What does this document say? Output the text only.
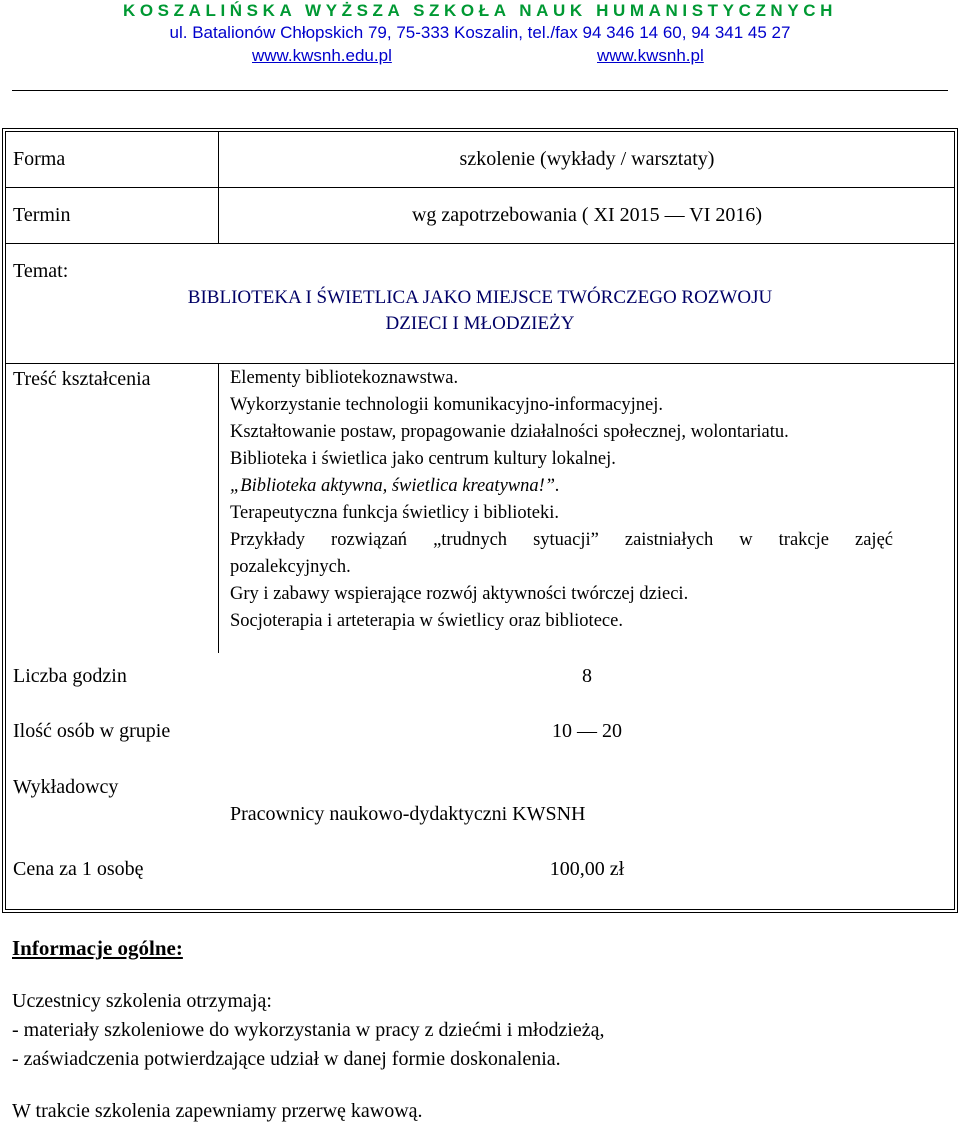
KOSZALIŃSKA WYŻSZA SZKOŁA NAUK HUMANISTYCZNYCH
ul. Batalionów Chłopskich 79, 75-333 Koszalin, tel./fax 94 346 14 60, 94 341 45 27
www.kwsnh.edu.pl	www.kwsnh.pl
Forma	szkolenie (wykłady / warsztaty)
Termin	wg zapotrzebowania ( XI 2015 ― VI 2016)
Temat:
BIBLIOTEKA I ŚWIETLICA JAKO MIEJSCE TWÓRCZEGO ROZWOJU
DZIECI I MŁODZIEŻY
Treść kształcenia	Elementy bibliotekoznawstwa.
Wykorzystanie technologii komunikacyjno-informacyjnej.
Kształtowanie postaw, propagowanie działalności społecznej, wolontariatu.
Biblioteka i świetlica jako centrum kultury lokalnej.
„Biblioteka aktywna, świetlica kreatywna!”.
Terapeutyczna funkcja świetlicy i biblioteki.
Przykłady rozwiązań „trudnych sytuacji” zaistniałych w trakcje zajęć
pozalekcyjnych.
Gry i zabawy wspierające rozwój aktywności twórczej dzieci.
Socjoterapia i arteterapia w świetlicy oraz bibliotece.
Liczba godzin	8
Ilość osób w grupie	10 ― 20
Wykładowcy
Pracownicy naukowo-dydaktyczni KWSNH
Cena za 1 osobę	100,00 zł
Informacje ogólne:
Uczestnicy szkolenia otrzymają:
- materiały szkoleniowe do wykorzystania w pracy z dziećmi i młodzieżą,
- zaświadczenia potwierdzające udział w danej formie doskonalenia.
W trakcie szkolenia zapewniamy przerwę kawową.
